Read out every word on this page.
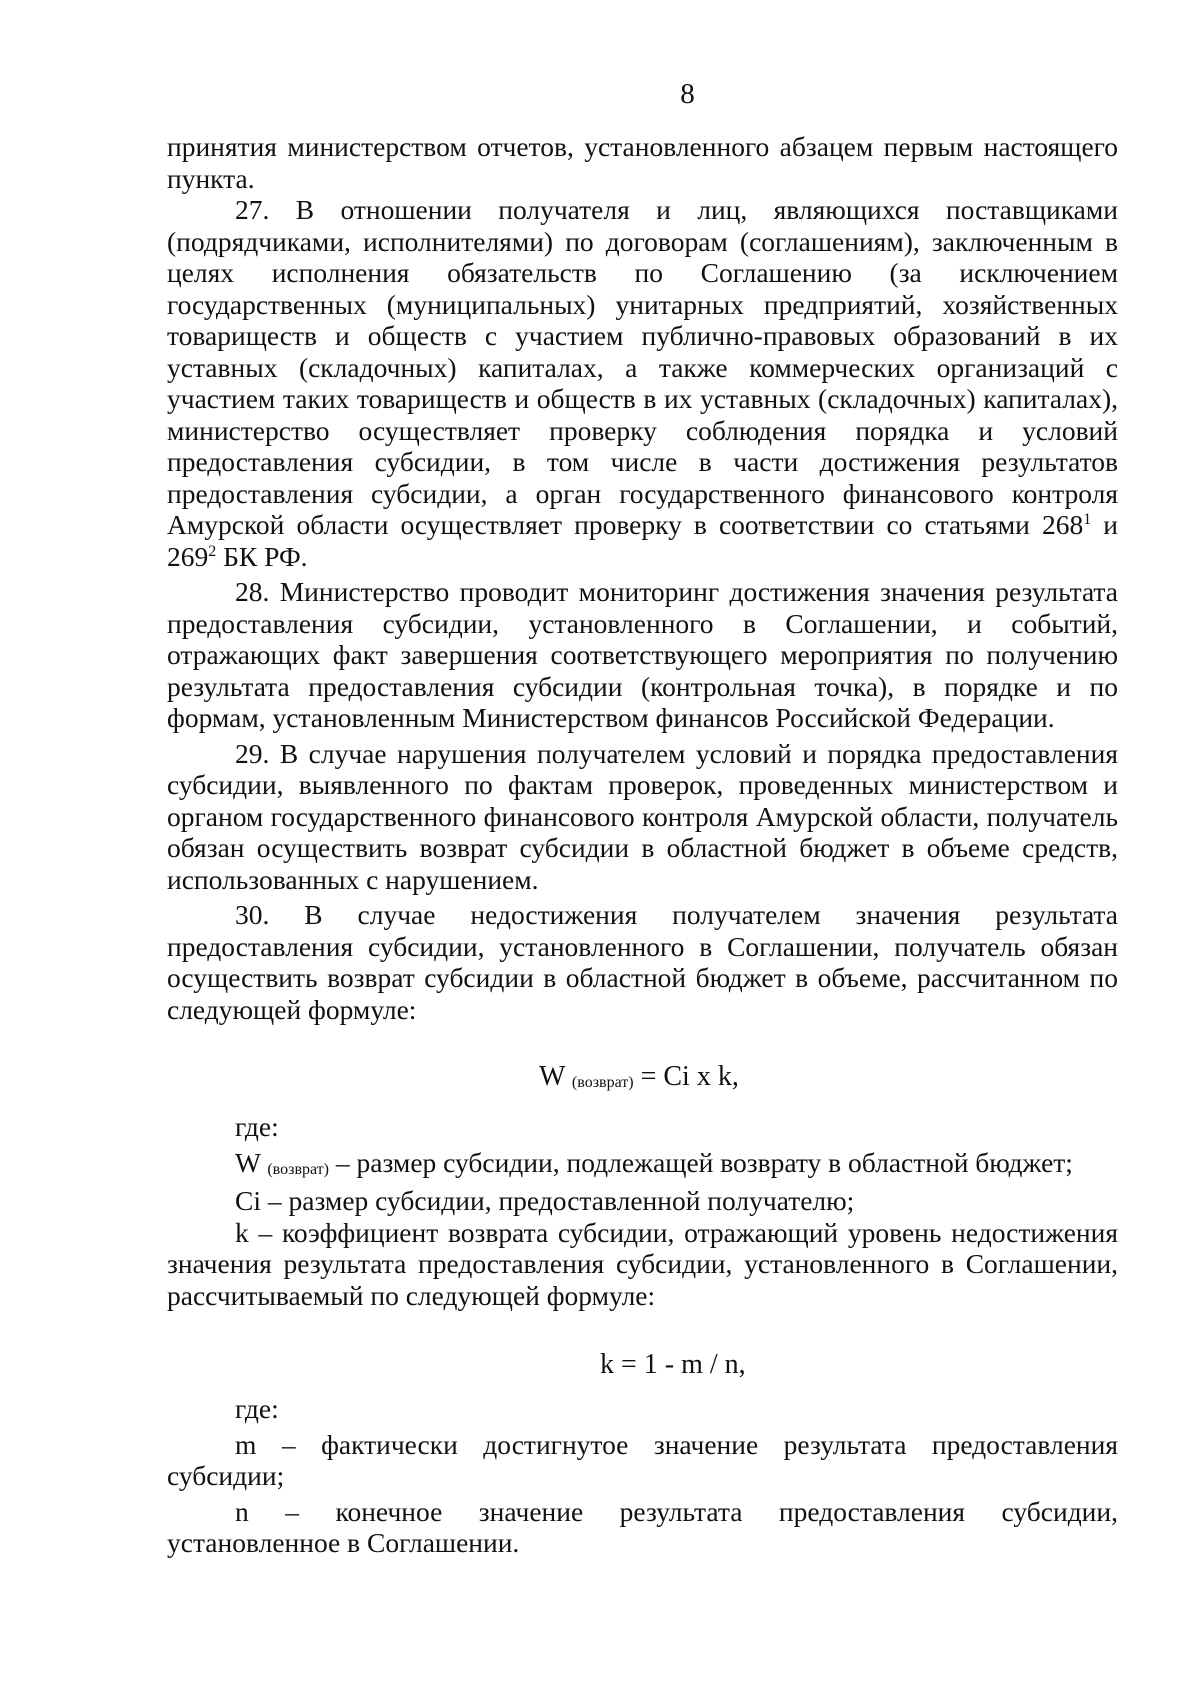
8

принятия министерством отчетов, установленного абзацем первым настоящего пункта.

27. В отношении получателя и лиц, являющихся поставщиками (подрядчиками, исполнителями) по договорам (соглашениям), заключенным в целях исполнения обязательств по Соглашению (за исключением государственных (муниципальных) унитарных предприятий, хозяйственных товариществ и обществ с участием публично-правовых образований в их уставных (складочных) капиталах, а также коммерческих организаций с участием таких товариществ и обществ в их уставных (складочных) капиталах), министерство осуществляет проверку соблюдения порядка и условий предоставления субсидии, в том числе в части достижения результатов предоставления субсидии, а орган государственного финансового контроля Амурской области осуществляет проверку в соответствии со статьями $268^1$ и $269^2$ БК РФ.

28. Министерство проводит мониторинг достижения значения результата предоставления субсидии, установленного в Соглашении, и событий, отражающих факт завершения соответствующего мероприятия по получению результата предоставления субсидии (контрольная точка), в порядке и по формам, установленным Министерством финансов Российской Федерации.

29. В случае нарушения получателем условий и порядка предоставления субсидии, выявленного по фактам проверок, проведенных министерством и органом государственного финансового контроля Амурской области, получатель обязан осуществить возврат субсидии в областной бюджет в объеме средств, использованных с нарушением.

30. В случае недостижения получателем значения результата предоставления субсидии, установленного в Соглашении, получатель обязан осуществить возврат субсидии в областной бюджет в объеме, рассчитанном по следующей формуле:

W (возврат) = Ci x k,

где:

W (возврат) – размер субсидии, подлежащей возврату в областной бюджет;

Ci – размер субсидии, предоставленной получателю;

k – коэффициент возврата субсидии, отражающий уровень недостижения значения результата предоставления субсидии, установленного в Соглашении, рассчитываемый по следующей формуле:

k = 1 - m / n,

где:

m – фактически достигнутое значение результата предоставления субсидии;

n – конечное значение результата предоставления субсидии, установленное в Соглашении.
